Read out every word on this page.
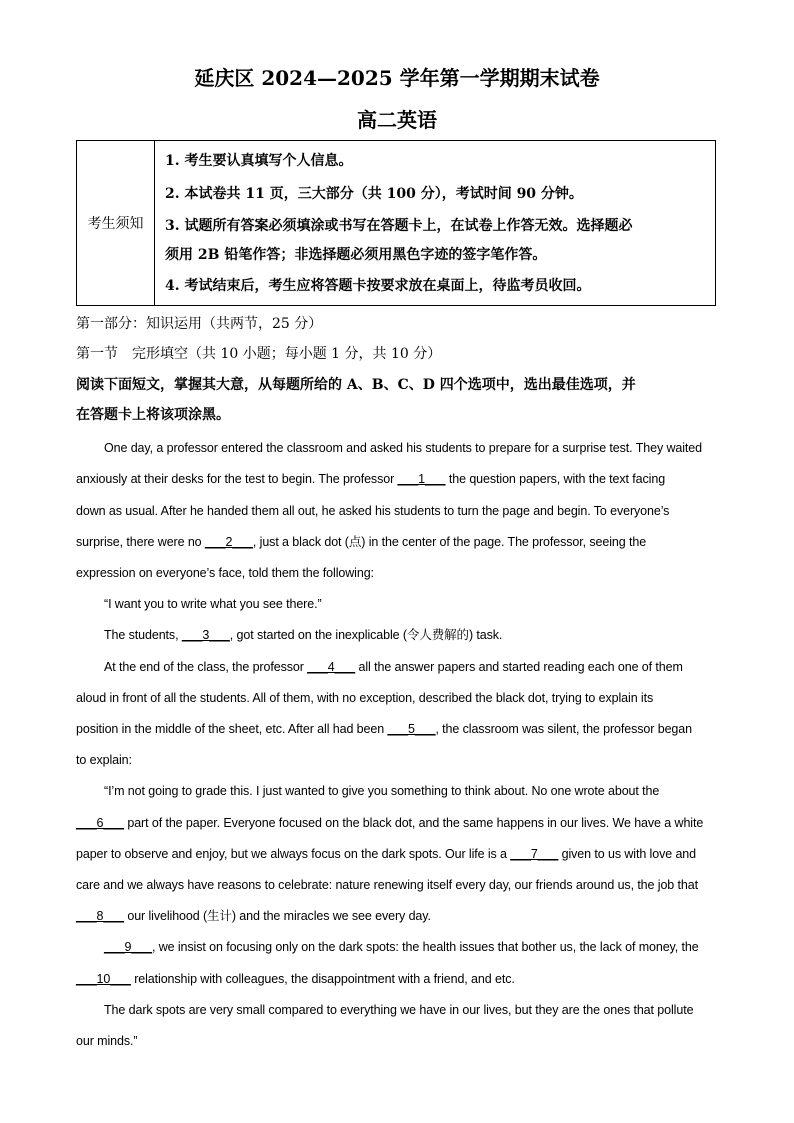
延庆区 2024—2025 学年第一学期期末试卷
高二英语
考生须知
1. 考生要认真填写个人信息。
2. 本试卷共 11 页，三大部分（共 100 分），考试时间 90 分钟。
3. 试题所有答案必须填涂或书写在答题卡上，在试卷上作答无效。选择题必
须用 2B 铅笔作答；非选择题必须用黑色字迹的签字笔作答。
4. 考试结束后，考生应将答题卡按要求放在桌面上，待监考员收回。
第一部分：知识运用（共两节，25 分）
第一节　完形填空（共 10 小题；每小题 1 分，共 10 分）
阅读下面短文，掌握其大意，从每题所给的 A、B、C、D 四个选项中，选出最佳选项，并
在答题卡上将该项涂黑。
One day, a professor entered the classroom and asked his students to prepare for a surprise test. They waited
anxiously at their desks for the test to begin. The professor ___1___ the question papers, with the text facing
down as usual. After he handed them all out, he asked his students to turn the page and begin. To everyone’s
surprise, there were no ___2___, just a black dot (点) in the center of the page. The professor, seeing the
expression on everyone’s face, told them the following:
“I want you to write what you see there.”
The students, ___3___, got started on the inexplicable (令人费解的) task.
At the end of the class, the professor ___4___ all the answer papers and started reading each one of them
aloud in front of all the students. All of them, with no exception, described the black dot, trying to explain its
position in the middle of the sheet, etc. After all had been ___5___, the classroom was silent, the professor began
to explain:
“I’m not going to grade this. I just wanted to give you something to think about. No one wrote about the
___6___ part of the paper. Everyone focused on the black dot, and the same happens in our lives. We have a white
paper to observe and enjoy, but we always focus on the dark spots. Our life is a ___7___ given to us with love and
care and we always have reasons to celebrate: nature renewing itself every day, our friends around us, the job that
___8___ our livelihood (生计) and the miracles we see every day.
___9___, we insist on focusing only on the dark spots: the health issues that bother us, the lack of money, the
___10___ relationship with colleagues, the disappointment with a friend, and etc.
The dark spots are very small compared to everything we have in our lives, but they are the ones that pollute
our minds.”
